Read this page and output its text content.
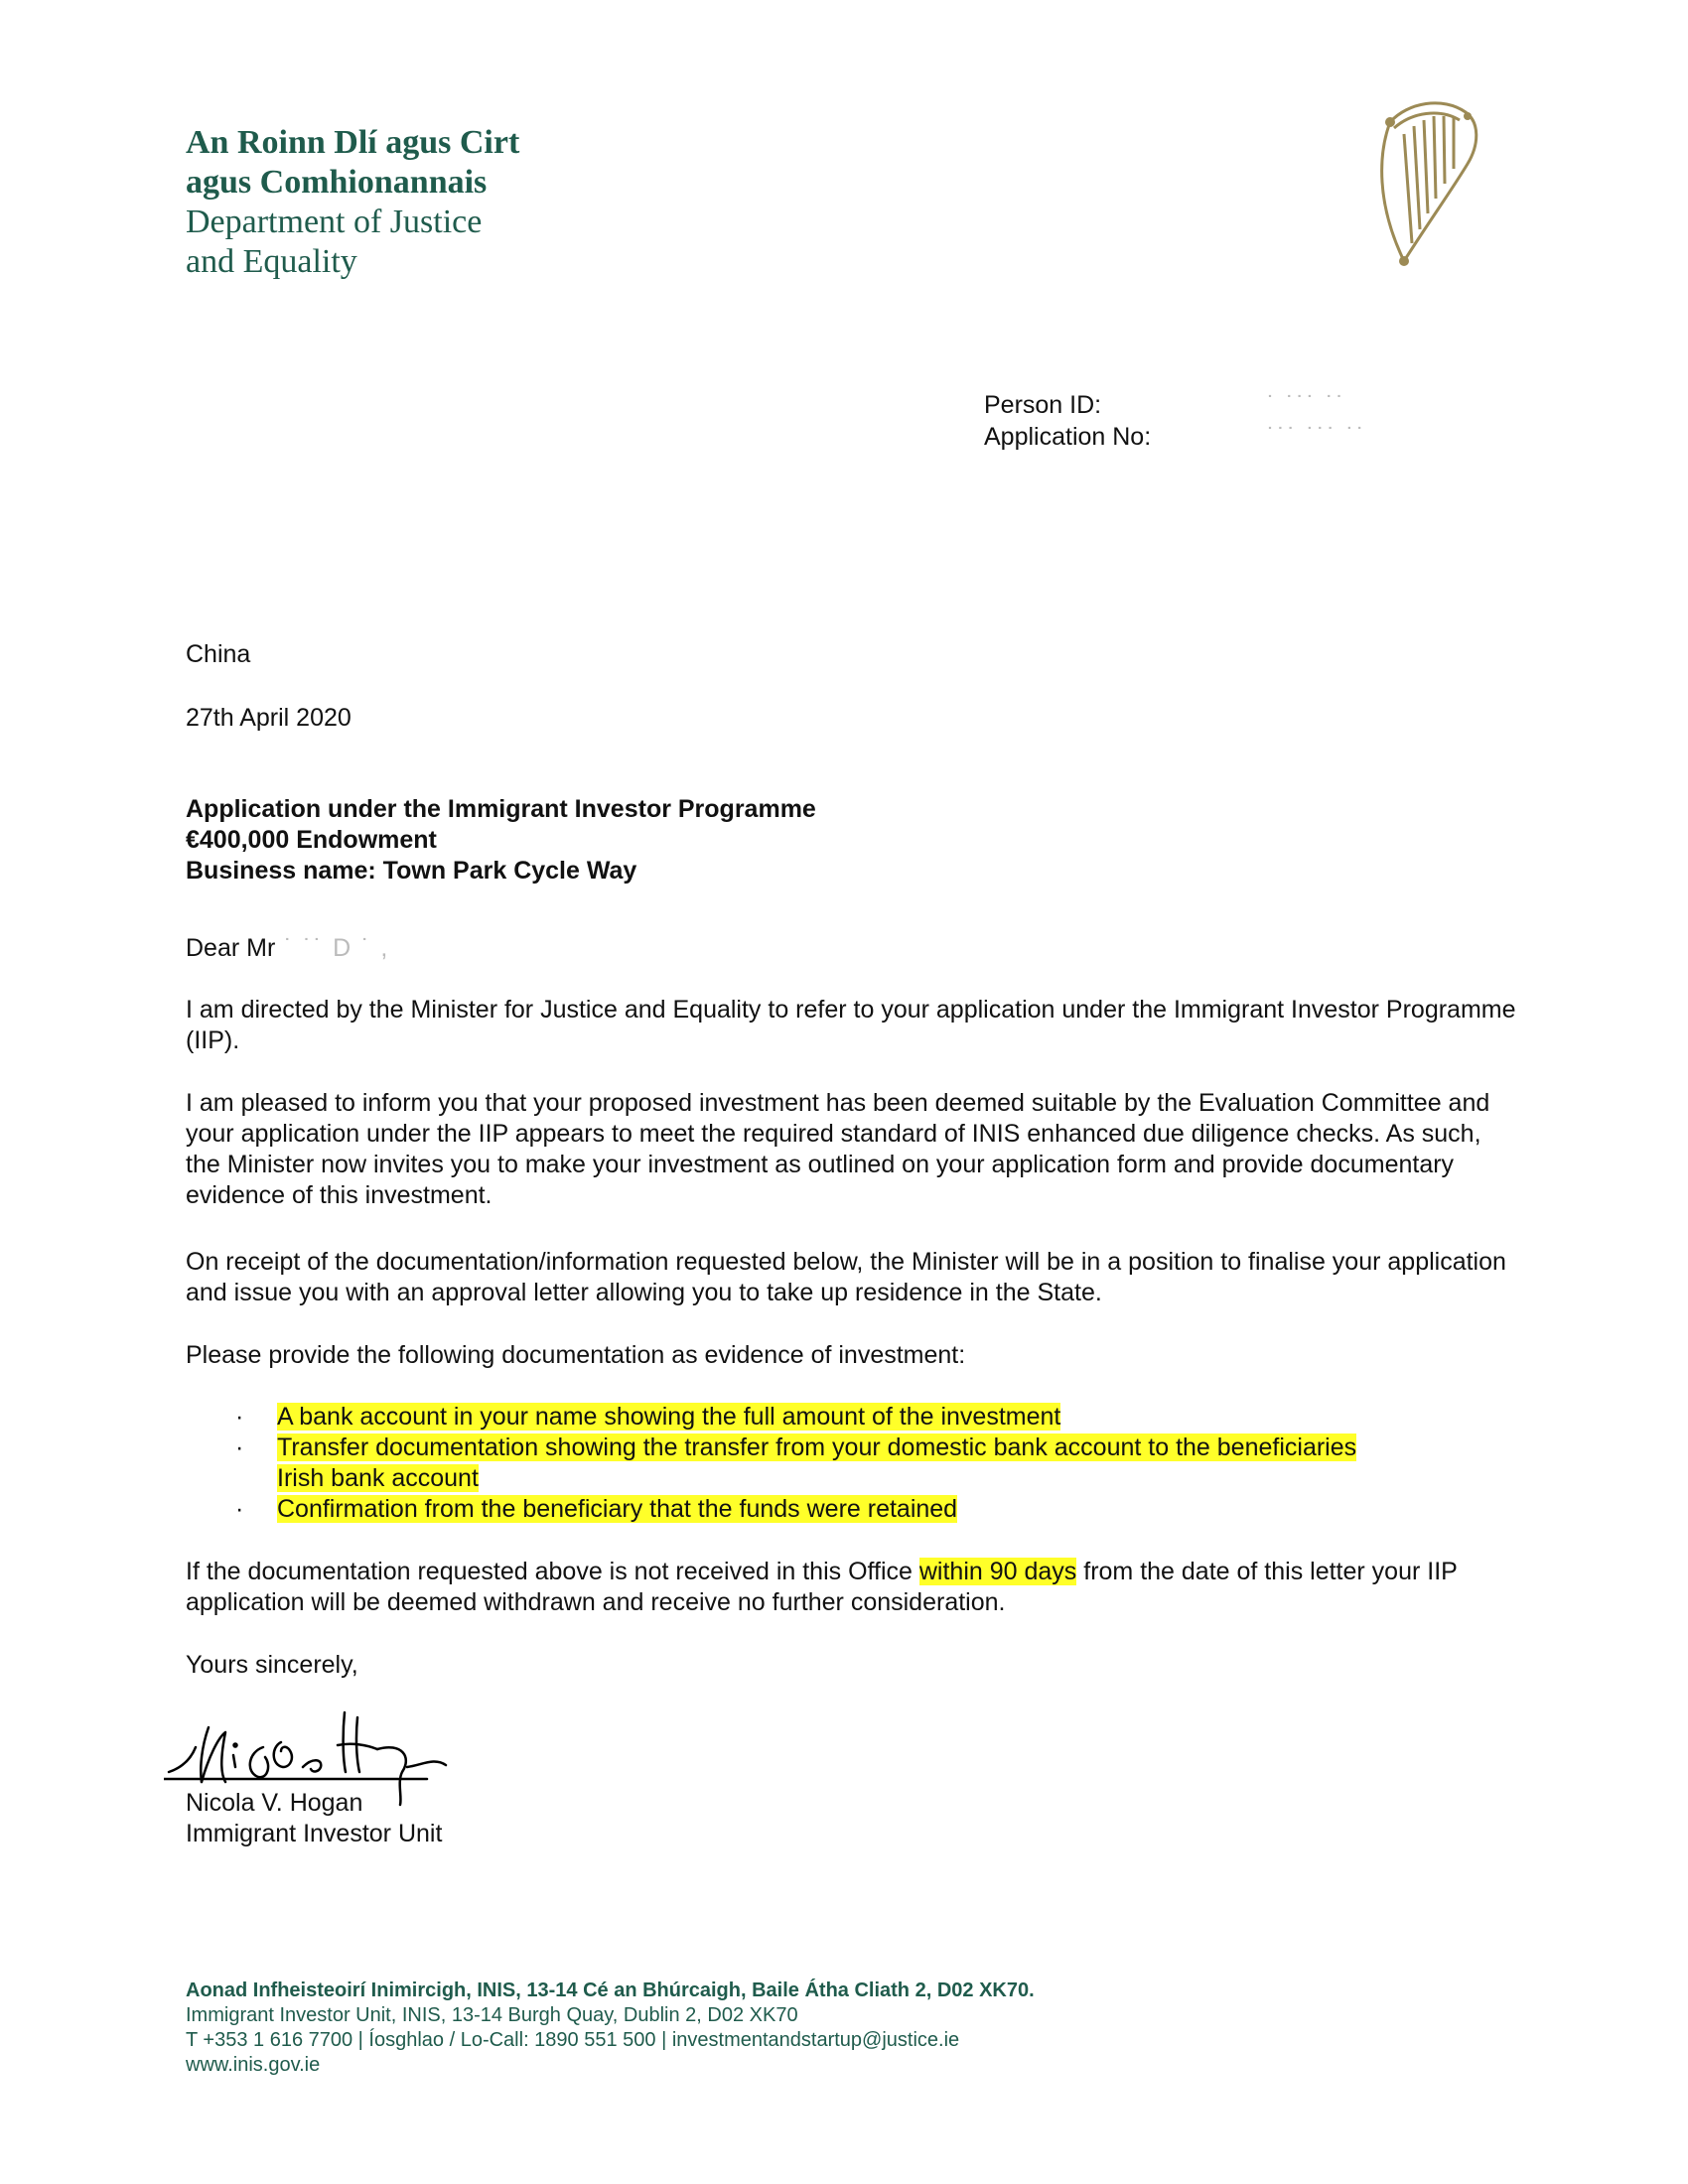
An Roinn Dlí agus Cirt
agus Comhionannais
Department of Justice
and Equality
Person ID:	˙ ˙˙˙ ˙˙
Application No:	˙˙˙ ˙˙˙ ˙˙
China
27th April 2020
Application under the Immigrant Investor Programme
€400,000 Endowment
Business name: Town Park Cycle Way
Dear Mr ˙ ˙˙ D ˙ ,
I am directed by the Minister for Justice and Equality to refer to your application under the Immigrant Investor Programme (IIP).
I am pleased to inform you that your proposed investment has been deemed suitable by the Evaluation Committee and your application under the IIP appears to meet the required standard of INIS enhanced due diligence checks. As such, the Minister now invites you to make your investment as outlined on your application form and provide documentary evidence of this investment.
On receipt of the documentation/information requested below, the Minister will be in a position to finalise your application and issue you with an approval letter allowing you to take up residence in the State.
Please provide the following documentation as evidence of investment:
· A bank account in your name showing the full amount of the investment
· Transfer documentation showing the transfer from your domestic bank account to the beneficiaries Irish bank account
· Confirmation from the beneficiary that the funds were retained
If the documentation requested above is not received in this Office within 90 days from the date of this letter your IIP application will be deemed withdrawn and receive no further consideration.
Yours sincerely,
Nicola V. Hogan
Immigrant Investor Unit
Aonad Infheisteoirí Inimircigh, INIS, 13-14 Cé an Bhúrcaigh, Baile Átha Cliath 2, D02 XK70.
Immigrant Investor Unit, INIS, 13-14 Burgh Quay, Dublin 2, D02 XK70
T +353 1 616 7700 | Íosghlao / Lo-Call: 1890 551 500 | investmentandstartup@justice.ie
www.inis.gov.ie
